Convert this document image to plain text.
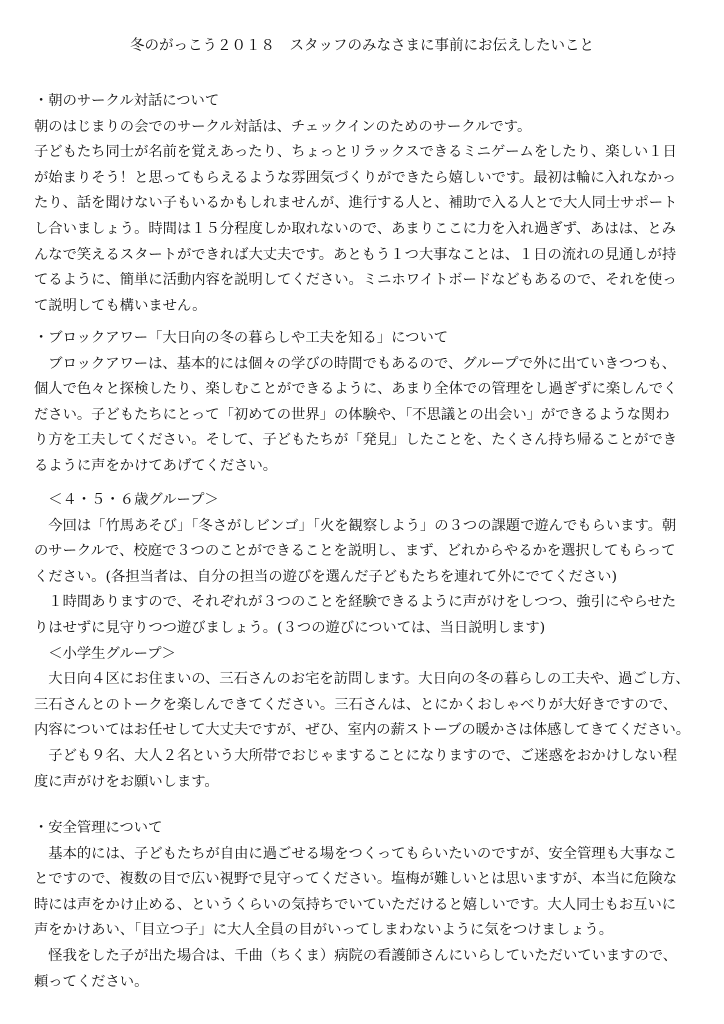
冬のがっこう２０１８　スタッフのみなさまに事前にお伝えしたいこと
・朝のサークル対話について
朝のはじまりの会でのサークル対話は、チェックインのためのサークルです。
子どもたち同士が名前を覚えあったり、ちょっとリラックスできるミニゲームをしたり、楽しい１日
が始まりそう！と思ってもらえるような雰囲気づくりができたら嬉しいです。最初は輪に入れなかっ
たり、話を聞けない子もいるかもしれませんが、進行する人と、補助で入る人とで大人同士サポート
し合いましょう。時間は１５分程度しか取れないので、あまりここに力を入れ過ぎず、あはは、とみ
んなで笑えるスタートができれば大丈夫です。あともう１つ大事なことは、１日の流れの見通しが持
てるように、簡単に活動内容を説明してください。ミニホワイトボードなどもあるので、それを使っ
て説明しても構いません。
・ブロックアワー「大日向の冬の暮らしや工夫を知る」について
　ブロックアワーは、基本的には個々の学びの時間でもあるので、グループで外に出ていきつつも、
個人で色々と探検したり、楽しむことができるように、あまり全体での管理をし過ぎずに楽しんでく
ださい。子どもたちにとって「初めての世界」の体験や、「不思議との出会い」ができるような関わ
り方を工夫してください。そして、子どもたちが「発見」したことを、たくさん持ち帰ることができ
るように声をかけてあげてください。
　＜４・５・６歳グループ＞
　今回は「竹馬あそび」「冬さがしビンゴ」「火を観察しよう」の３つの課題で遊んでもらいます。朝
のサークルで、校庭で３つのことができることを説明し、まず、どれからやるかを選択してもらって
ください。(各担当者は、自分の担当の遊びを選んだ子どもたちを連れて外にでてください)
　１時間ありますので、それぞれが３つのことを経験できるように声がけをしつつ、強引にやらせた
りはせずに見守りつつ遊びましょう。(３つの遊びについては、当日説明します)
　＜小学生グループ＞
　大日向４区にお住まいの、三石さんのお宅を訪問します。大日向の冬の暮らしの工夫や、過ごし方、
三石さんとのトークを楽しんできてください。三石さんは、とにかくおしゃべりが大好きですので、
内容についてはお任せして大丈夫ですが、ぜひ、室内の薪ストーブの暖かさは体感してきてください。
　子ども９名、大人２名という大所帯でおじゃますることになりますので、ご迷惑をおかけしない程
度に声がけをお願いします。
・安全管理について
　基本的には、子どもたちが自由に過ごせる場をつくってもらいたいのですが、安全管理も大事なこ
とですので、複数の目で広い視野で見守ってください。塩梅が難しいとは思いますが、本当に危険な
時には声をかけ止める、というくらいの気持ちでいていただけると嬉しいです。大人同士もお互いに
声をかけあい、「目立つ子」に大人全員の目がいってしまわないように気をつけましょう。
　怪我をした子が出た場合は、千曲（ちくま）病院の看護師さんにいらしていただいていますので、
頼ってください。
